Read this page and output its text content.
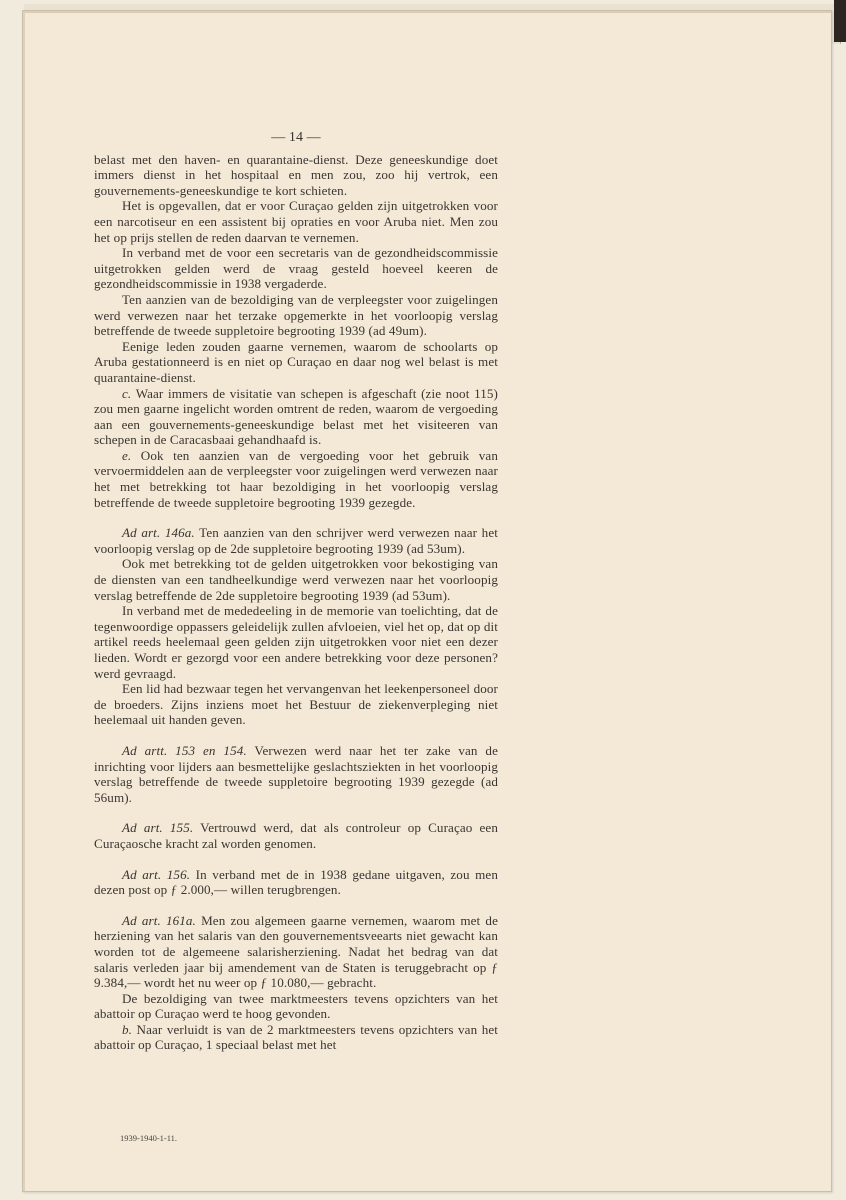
— 14 —

belast met den haven- en quarantaine-dienst. Deze geneeskundige doet immers dienst in het hospitaal en men zou, zoo hij vertrok, een gouvernements-geneeskundige te kort schieten.

Het is opgevallen, dat er voor Curaçao gelden zijn uitgetrokken voor een narcotiseur en een assistent bij opraties en voor Aruba niet. Men zou het op prijs stellen de reden daarvan te vernemen.

In verband met de voor een secretaris van de gezondheidscommissie uitgetrokken gelden werd de vraag gesteld hoeveel keeren de gezondheidscommissie in 1938 vergaderde.

Ten aanzien van de bezoldiging van de verpleegster voor zuigelingen werd verwezen naar het terzake opgemerkte in het voorloopig verslag betreffende de tweede suppletoire begrooting 1939 (ad 49um).

Eenige leden zouden gaarne vernemen, waarom de schoolarts op Aruba gestationneerd is en niet op Curaçao en daar nog wel belast is met quarantaine-dienst.

c. Waar immers de visitatie van schepen is afgeschaft (zie noot 115) zou men gaarne ingelicht worden omtrent de reden, waarom de vergoeding aan een gouvernements-geneeskundige belast met het visiteeren van schepen in de Caracasbaai gehandhaafd is.

e. Ook ten aanzien van de vergoeding voor het gebruik van vervoermiddelen aan de verpleegster voor zuigelingen werd verwezen naar het met betrekking tot haar bezoldiging in het voorloopig verslag betreffende de tweede suppletoire begrooting 1939 gezegde.

Ad art. 146a. Ten aanzien van den schrijver werd verwezen naar het voorloopig verslag op de 2de suppletoire begrooting 1939 (ad 53um).

Ook met betrekking tot de gelden uitgetrokken voor bekostiging van de diensten van een tandheelkundige werd verwezen naar het voorloopig verslag betreffende de 2de suppletoire begrooting 1939 (ad 53um).

In verband met de mededeeling in de memorie van toelichting, dat de tegenwoordige oppassers geleidelijk zullen afvloeien, viel het op, dat op dit artikel reeds heelemaal geen gelden zijn uitgetrokken voor niet een dezer lieden. Wordt er gezorgd voor een andere betrekking voor deze personen? werd gevraagd.

Een lid had bezwaar tegen het vervangenvan het leekenpersoneel door de broeders. Zijns inziens moet het Bestuur de ziekenverpleging niet heelemaal uit handen geven.

Ad artt. 153 en 154. Verwezen werd naar het ter zake van de inrichting voor lijders aan besmettelijke geslachtsziekten in het voorloopig verslag betreffende de tweede suppletoire begrooting 1939 gezegde (ad 56um).

Ad art. 155. Vertrouwd werd, dat als controleur op Curaçao een Curaçaosche kracht zal worden genomen.

Ad art. 156. In verband met de in 1938 gedane uitgaven, zou men dezen post op ƒ 2.000,— willen terugbrengen.

Ad art. 161a. Men zou algemeen gaarne vernemen, waarom met de herziening van het salaris van den gouvernementsveearts niet gewacht kan worden tot de algemeene salarisherziening. Nadat het bedrag van dat salaris verleden jaar bij amendement van de Staten is teruggebracht op ƒ 9.384,— wordt het nu weer op ƒ 10.080,— gebracht.

De bezoldiging van twee marktmeesters tevens opzichters van het abattoir op Curaçao werd te hoog gevonden.

b. Naar verluidt is van de 2 marktmeesters tevens opzichters van het abattoir op Curaçao, 1 speciaal belast met het

1939-1940-1-11.
